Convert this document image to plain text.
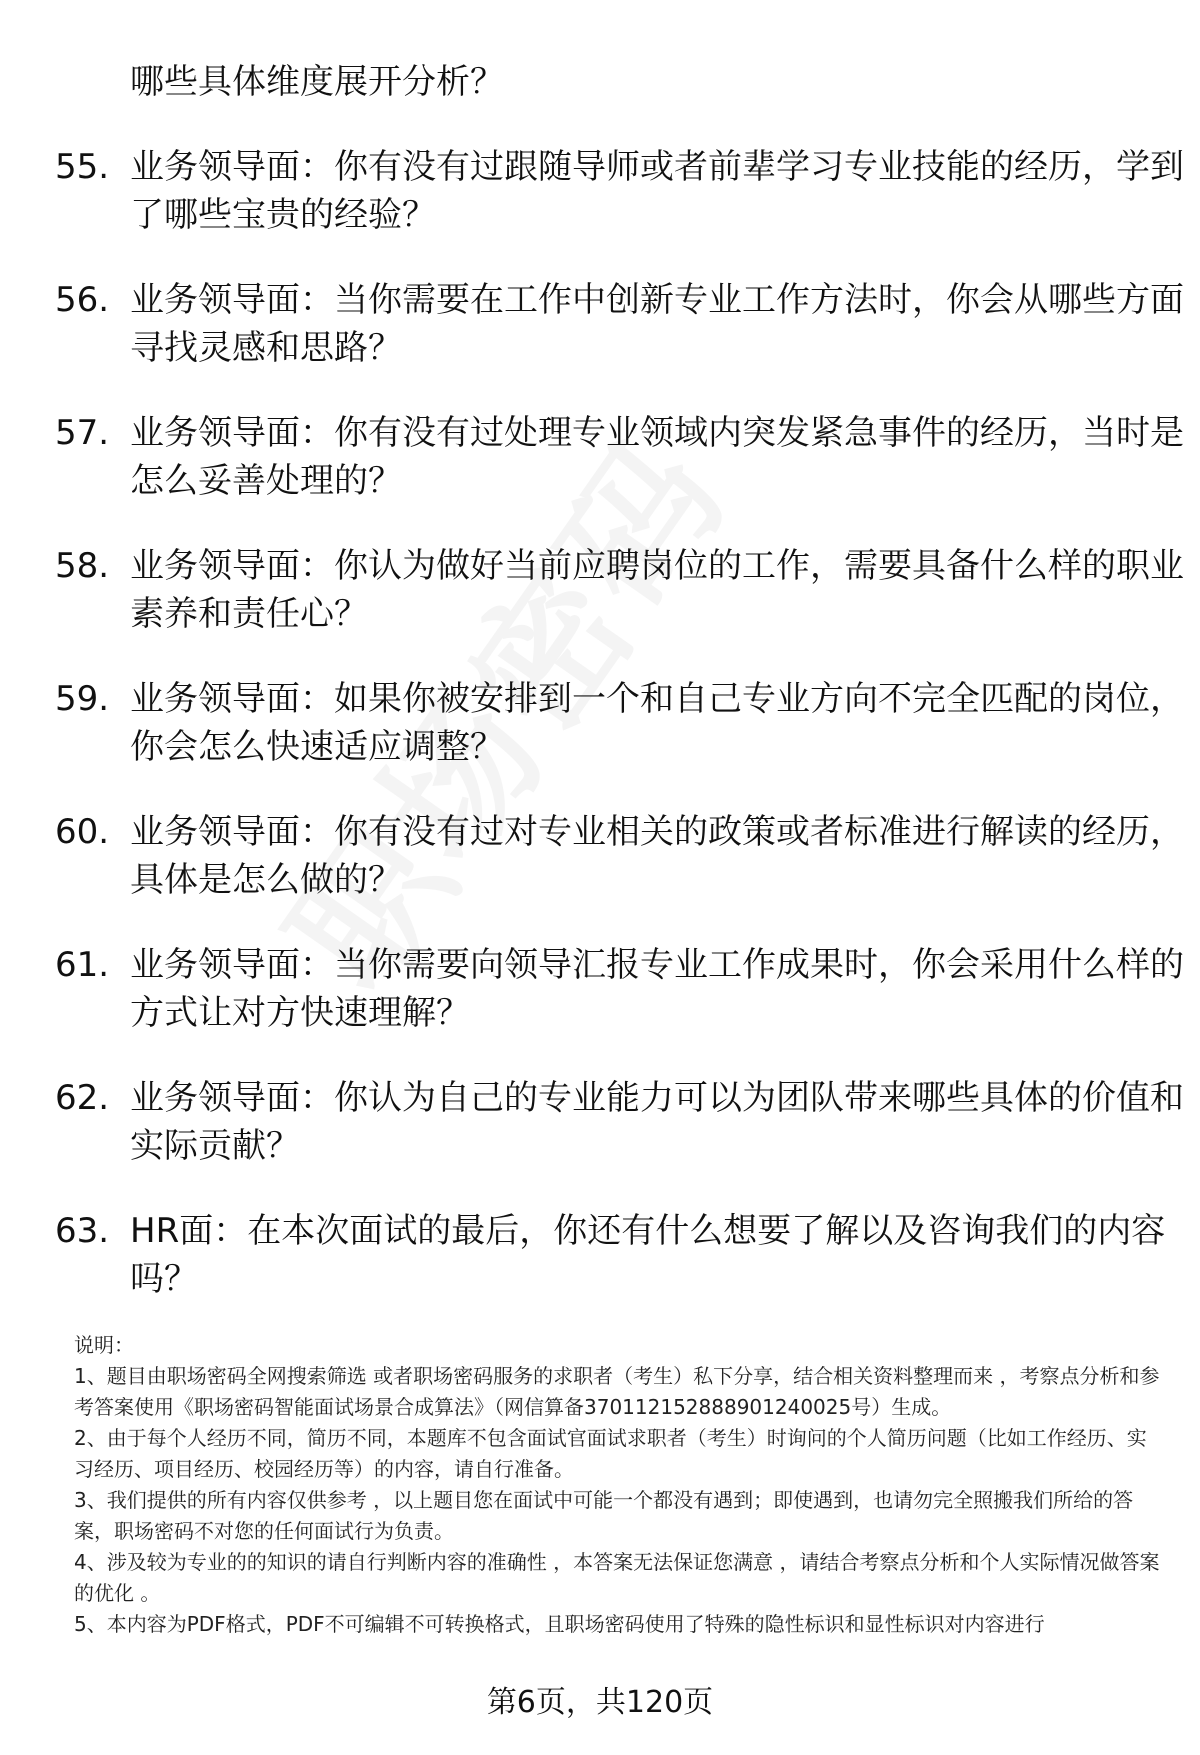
哪些具体维度展开分析？

55. 业务领导面：你有没有过跟随导师或者前辈学习专业技能的经历，学到了哪些宝贵的经验？
56. 业务领导面：当你需要在工作中创新专业工作方法时，你会从哪些方面寻找灵感和思路？
57. 业务领导面：你有没有过处理专业领域内突发紧急事件的经历，当时是怎么妥善处理的？
58. 业务领导面：你认为做好当前应聘岗位的工作，需要具备什么样的职业素养和责任心？
59. 业务领导面：如果你被安排到一个和自己专业方向不完全匹配的岗位，你会怎么快速适应调整？
60. 业务领导面：你有没有过对专业相关的政策或者标准进行解读的经历，具体是怎么做的？
61. 业务领导面：当你需要向领导汇报专业工作成果时，你会采用什么样的方式让对方快速理解？
62. 业务领导面：你认为自己的专业能力可以为团队带来哪些具体的价值和实际贡献？
63. HR面：在本次面试的最后，你还有什么想要了解以及咨询我们的内容吗？

说明：

1、题目由职场密码全网搜索筛选 或者职场密码服务的求职者（考生）私下分享，结合相关资料整理而来 ，考察点分析和参考答案使用《职场密码智能面试场景合成算法》（网信算备370112152888901240025号）生成。

2、由于每个人经历不同，简历不同，本题库不包含面试官面试求职者（考生）时询问的个人简历问题（比如工作经历、实习经历、项目经历、校园经历等）的内容，请自行准备。

3、我们提供的所有内容仅供参考 ，以上题目您在面试中可能一个都没有遇到；即使遇到，也请勿完全照搬我们所给的答案，职场密码不对您的任何面试行为负责。

4、涉及较为专业的的知识的请自行判断内容的准确性 ，本答案无法保证您满意 ，请结合考察点分析和个人实际情况做答案的优化 。

5、本内容为PDF格式，PDF不可编辑不可转换格式，且职场密码使用了特殊的隐性标识和显性标识对内容进行

第6页，共120页
